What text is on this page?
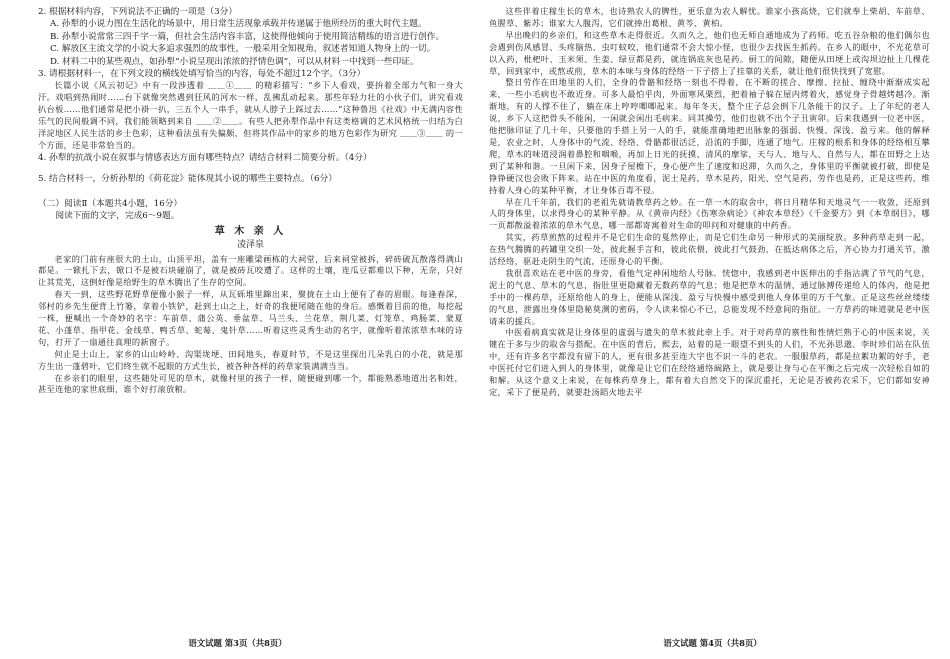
2. 根据材料内容，下列说法不正确的一项是（3分）

A. 孙犁的小说力图在生活化的场景中，用日常生活现象承载并传递属于他所经历的重大时代主题。

B. 孙犁小说常常三四千字一篇，但社会生活内容丰富，这使得他倾向于使用简洁精练的语言进行创作。

C. 解放区主流文学的小说大多追求强烈的故事性，一般采用全知视角，叙述者知道人物身上的一切。

D. 材料二中的某些观点，如孙犁“小说呈现出浓浓的抒情色调”，可以从材料一中找到一些印证。

3. 请根据材料一，在下列文段的横线处填写恰当的内容，每处不超过12个字。（3分）

长篇小说《风云初记》中有一段涉透着 ＿＿①＿＿ 的精彩描写：“乡下人看戏，要拚着全部力气和一身大汗。戏唱到热闹时……台下就像突然遇到狂风的河水一样，乱拂乱动起来。那些年轻力壮的小伙子们，讲究看戏扒台板……他们通常是把小褂一扒，三五个人一串手，就从人脖子上踩过去……”这种鲁迅《社戏》中无满内容性乐气的民间般调不同，我们能领略到来自 ＿＿②＿＿。有些人把孙犁作品中有这类格调的艺术风格统一归结为白洋淀地区人民生活的乡土色彩，这种看法虽有失偏颇，但将其作品中的家乡的地方色彩作为研究 ＿＿③＿＿ 的一个方面，还是非常恰当的。

4. 孙犁的抗战小说在叙事与情感表达方面有哪些特点？请结合材料二简要分析。（4分）

5. 结合材料一，分析孙犁的《荷花淀》能体现其小说的哪些主要特点。（6分）

（二）阅读Ⅱ（本题共4小题，16分）

阅读下面的文字，完成6～9题。

草 木 亲 人

凌泽泉

老家的门前有座很大的土山，山顶平坦，盖有一座雕梁画栋的大祠堂，后来祠堂被拆，碎砖破瓦散落得满山都是。一锨扎下去，锨口不是被石块碰崩了，就是被砖瓦咬遭了。这样的土壤，连瓜豆都难以下种，无奈，只好让其荒芜，这倒好像是给野生的草木腾出了生存的空间。

春天一到，这些野花野草便像小猴子一样，从瓦砾堆里蹿出来，聚拢在土山上便有了春的眉眼。每逢春深，邻村的乡先生便背上竹篓，拿着小铁铲，赶到土山之上，好奇的我便尾随在他的身后。感慨着目前的他，每挖起一株，便喊出一个奇妙的名字：车前草、蒲公英、垂盆草、马兰头、兰花草、荆几菜、灯笼草、鸡肠菜、蒙夏花、小蓬草、指甲花、金线草、鸭舌草、蛇莓、鬼针草……听着这些灵秀生动的名字，就像听着浓浓草木味的诗句，打开了一扇通往真理的新窗子。

何止是土山上，家乡的山山岭岭、沟渠垅埂、田间地头，春夏时节，不是这里探出几朵乳白的小花，就是那方生出一蓬碧叶，它们终生就不起眼的方式生长，被各种各样的药草家装满满当当。

在乡亲们的眼里，这些随处可见的草木，就像村里的孩子一样，随便碰到哪一个，都能熟悉地道出名和姓，甚至连他的家世底细，谁个好打滚放粮。

语文试题 第3页（共8页）

这些伴着庄稼生长的草木，也诗熟农人的脾性，更乐意为农人解忧。谁家小孩高烧，它们就奉上柴胡、车前草、鱼腥草、紫苏；谁家大人腹泻，它们就捧出葛根、黄芩、黄柏。

早出晚归的乡亲们，和这些草木走得很近。久而久之，他们也无师自通地成为了药师。吃五谷杂粮的他们偶尔也会遇到伤风感冒、头疼脑热、虫叮蚊咬，他们通常不会大惊小怪，也很少去找医生抓药。在乡人的眼中，不光花草可以入药，枇杷叶、玉米须、生姜、绿豆都是药，就连锅底灰也是药。厨工的间隙，随便从田埂上或沟坝边扯上几棵花草，回到家中，或熬或煎，草木的本味与身体的经络一下子搭上了挂靠的关系，就让他们很快找到了宽慰。

整日劳作在田地里的人们，全身的骨骼和经络一刻也不得着，在不断的搓合、摩擦、拉扯、缠绕中渐渐成实起来，一些小毛病也不敢近身。可多人最怕乎肉，外面寒风栗烈，把着袖子躲在屋内烤着火，感觉身子骨越烤越冷。渐渐地，有的人撑不住了，躺在床上哼哼唧唧起来。每年冬天，整个庄子总会倒下几条能干的汉子。上了年纪的老人说，乡下人这把骨头不能闲，一闲就会闲出毛病来。同其操劳，他们也就不出个子丑寅卯。后来我遇到一位老中医，他把脉印证了几十年，只要他的手搭上另一人的手，就能准确地把出脉象的强弱、快慢、深浅、盈亏来。他的解释是，农业之时，人身体中的气流、经络、骨骼都很活泛，沿流的手脚，连通了地气。庄稼的根系和身体的经络相互攀爬，草木的味道浸润着鼻腔和咽喉，再加上日光的抚摸、清风的摩挲，天与人、地与人、自然与人，都在田野之上达到了某种和谐。一旦闲下来，因身子屋檐下，身心便产生了速度和迟滞，久而久之，身体里的平衡就被打破，即使是铮铮硬汉也会败下阵来。站在中医的角度看，泥土是药，草木是药，阳光、空气是药，劳作也是药，正是这些药，维持着人身心的某种平衡，才让身体百毒不侵。

早在几千年前，我们的老祖先就请教草药之妙。在一草一木的取舍中，将日月精华和天地灵气一一收敛，还原到人的身体里，以求得身心的某种平静。从《黄帝内经》《伤寒杂病论》《神农本草经》《千金要方》到《本草纲目》，哪一页都散溢着浓浓的草木气息，哪一部都寄寓着对生命的叩问和对健康的中药香。

其实，药草煎熬的过程并不是它们生命的戛然停止，而是它们生命另一种形式的美丽绽放。多种药草走到一起，在热气腾腾的药罐里交织一处，彼此握手言和，彼此依偎，彼此打气鼓劲，在抵达病体之后，齐心协力打通关节，激活经络，驱赶走阴生的气流，还原身心的平衡。

我很喜欢站在老中医的身旁，看他气定神闲地给人号脉。恍惚中，我感到老中医伸出的手指沾满了节气的气息，泥土的气息、草木的气息，指肚里更隐藏着无数药草的气息；他是把草木的温情，通过脉搏传递给人的体内，他是把手中的一棵药草，还原给他人的身上，便能从深浅、盈亏与快慢中感受到他人身体里的万千气象。正是这些丝丝缕缕的气息，泄露出身体里隐秘莫测的密码，令人读来惊心不已，总能发现不经意间的指征。一方草药的味道就是老中医请来的援兵。

中医看病真实就是让身体里的虚弱与遗失的草木彼此牵上手。对于对药草的禀性和性情烂熟于心的中医来说，关键在于多与少的取舍与搭配。在中医的背后，熙去，站着的是一眼望不到头的人们，不光孙思邈、李时珍们站在队伍中，还有许多名字都没有留下的人，更有很多甚至连大字也不识一斗的老农。一服服草药，都是拉絮功絮的好手，老中医托付它们进入到人的身体里，就像是让它们在经络通络阔路上，就是要让身与心在平衡之后完成一次轻松自如的和解。从这个意义上来说，在每株药草身上，都有着大自然交下的深沉重托，无论是否被药农采下，它们都如安神定，采下了便是药，就要赴汤蹈火地去平

语文试题 第4页（共8页）
